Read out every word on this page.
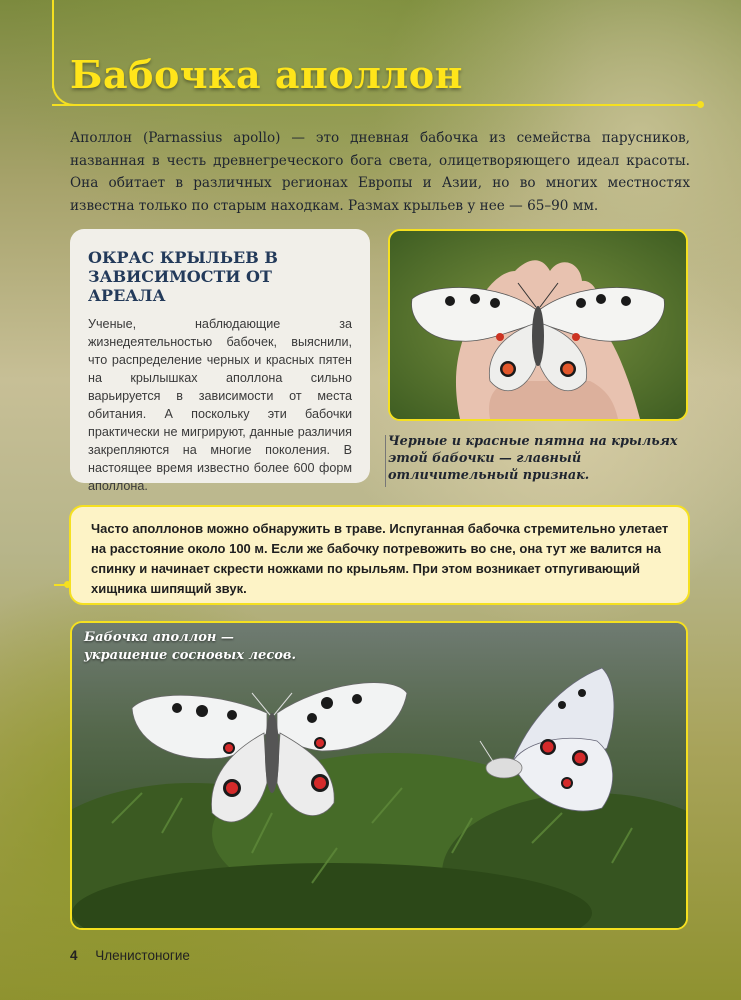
Бабочка аполлон

Аполлон (Parnassius apollo) — это дневная бабочка из семейства парусников, названная в честь древнегреческого бога света, олицетворяющего идеал красоты. Она обитает в различных регионах Европы и Азии, но во многих местностях известна только по старым находкам. Размах крыльев у нее — 65–90 мм.

ОКРАС КРЫЛЬЕВ В ЗАВИСИМОСТИ ОТ АРЕАЛА

Ученые, наблюдающие за жизнедеятельностью бабочек, выяснили, что распределение черных и красных пятен на крылышках аполлона сильно варьируется в зависимости от места обитания. А поскольку эти бабочки практически не мигрируют, данные различия закрепляются на многие поколения. В настоящее время известно более 600 форм аполлона.

Черные и красные пятна на крыльях этой бабочки — главный отличительный признак.

Часто аполлонов можно обнаружить в траве. Испуганная бабочка стремительно улетает на расстояние около 100 м. Если же бабочку потревожить во сне, она тут же валится на спинку и начинает скрести ножками по крыльям. При этом возникает отпугивающий хищника шипящий звук.

Бабочка аполлон —
украшение сосновых лесов.

4 Членистоногие
